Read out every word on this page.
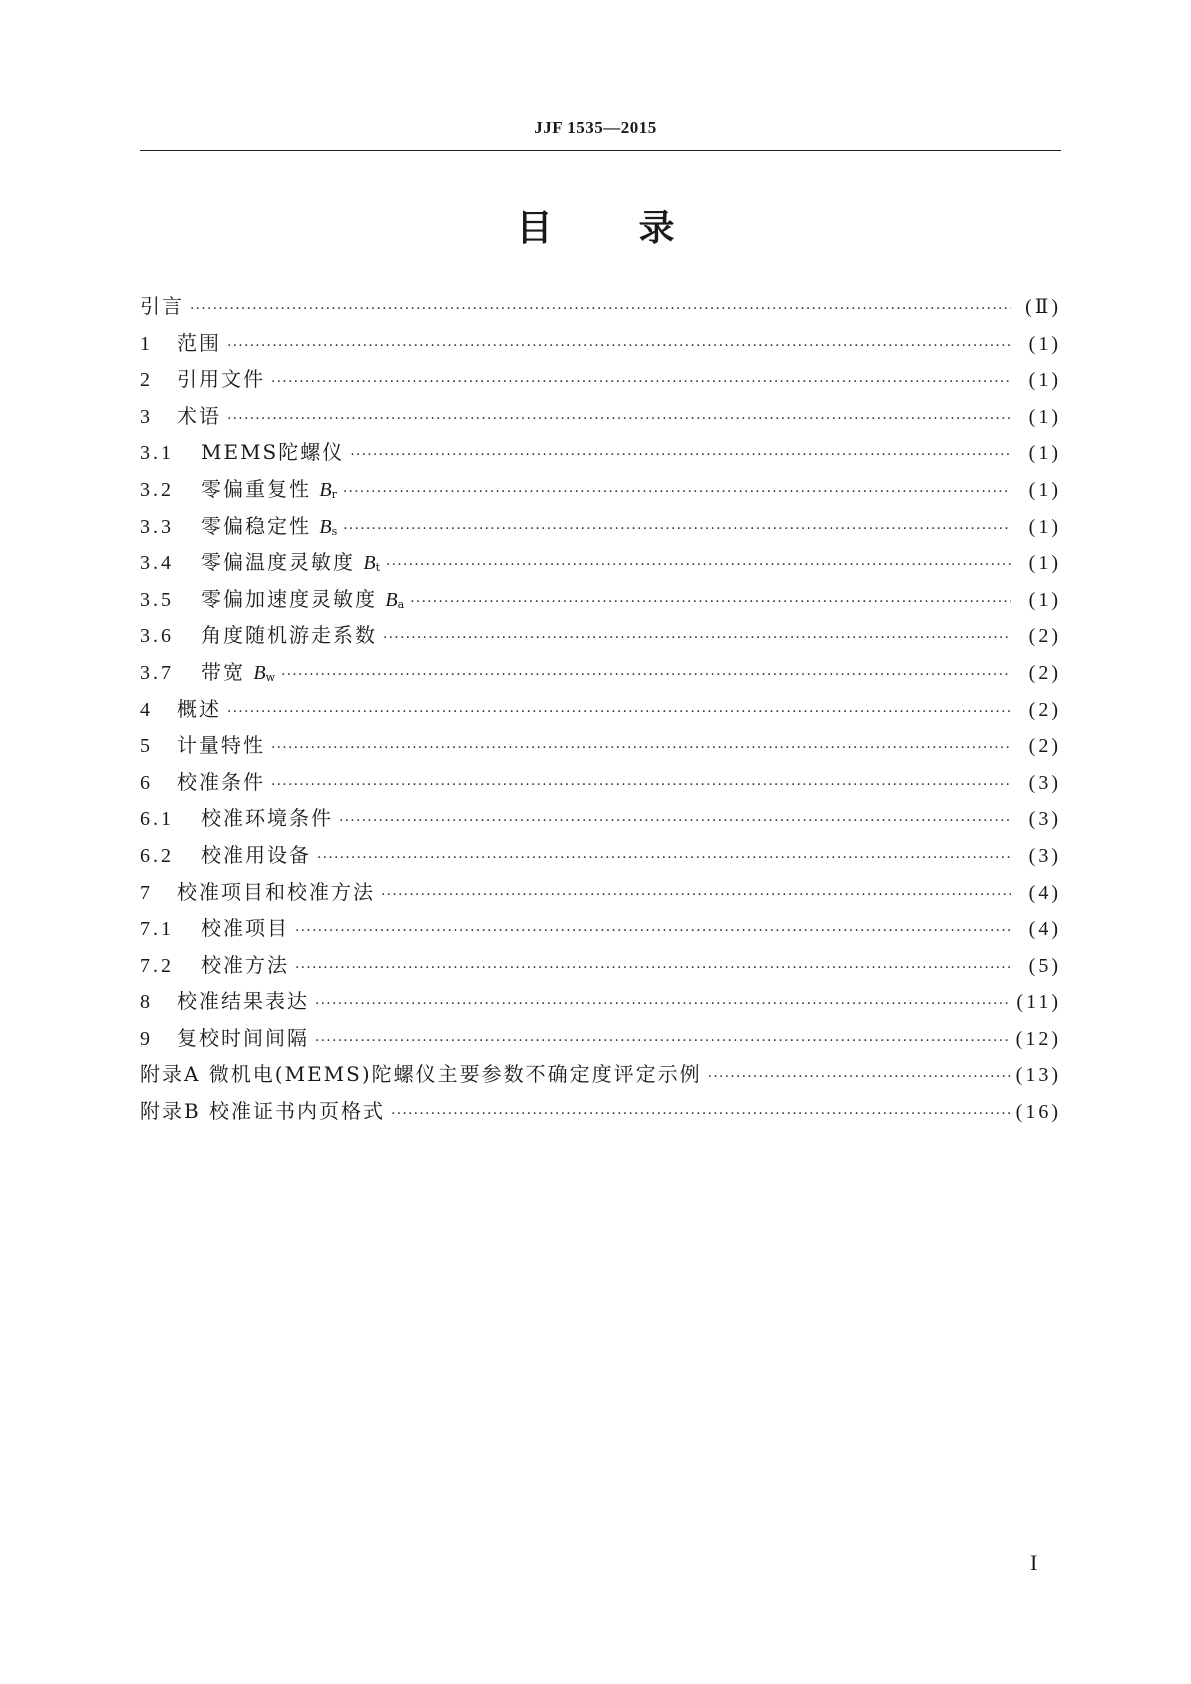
JJF 1535—2015
目 录
引言 ·····	(Ⅱ)
1	范围 ·····	(1)
2	引用文件 ·····	(1)
3	术语 ·····	(1)
3.1	MEMS陀螺仪 ·····	(1)
3.2	零偏重复性 $B_r$ ·····	(1)
3.3	零偏稳定性 $B_s$ ·····	(1)
3.4	零偏温度灵敏度 $B_t$ ·····	(1)
3.5	零偏加速度灵敏度 $B_a$ ·····	(1)
3.6	角度随机游走系数 ·····	(2)
3.7	带宽 $B_w$ ·····	(2)
4	概述 ·····	(2)
5	计量特性 ·····	(2)
6	校准条件 ·····	(3)
6.1	校准环境条件 ·····	(3)
6.2	校准用设备 ·····	(3)
7	校准项目和校准方法 ·····	(4)
7.1	校准项目 ·····	(4)
7.2	校准方法 ·····	(5)
8	校准结果表达 ·····	(11)
9	复校时间间隔 ·····	(12)
附录A 微机电(MEMS)陀螺仪主要参数不确定度评定示例 ·····	(13)
附录B 校准证书内页格式 ·····	(16)
I
